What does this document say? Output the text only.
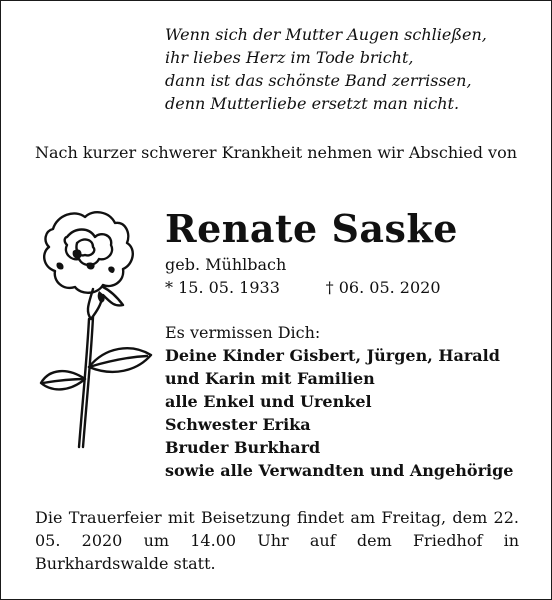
Wenn sich der Mutter Augen schließen,
ihr liebes Herz im Tode bricht,
dann ist das schönste Band zerrissen,
denn Mutterliebe ersetzt man nicht.
Nach kurzer schwerer Krankheit nehmen wir Abschied von
Renate Saske
geb. Mühlbach
* 15. 05. 1933	† 06. 05. 2020
Es vermissen Dich:
Deine Kinder Gisbert, Jürgen, Harald
und Karin mit Familien
alle Enkel und Urenkel
Schwester Erika
Bruder Burkhard
sowie alle Verwandten und Angehörige
Die Trauerfeier mit Beisetzung findet am Freitag, dem 22. 05. 2020 um 14.00 Uhr auf dem Friedhof in Burkhardswalde statt.
